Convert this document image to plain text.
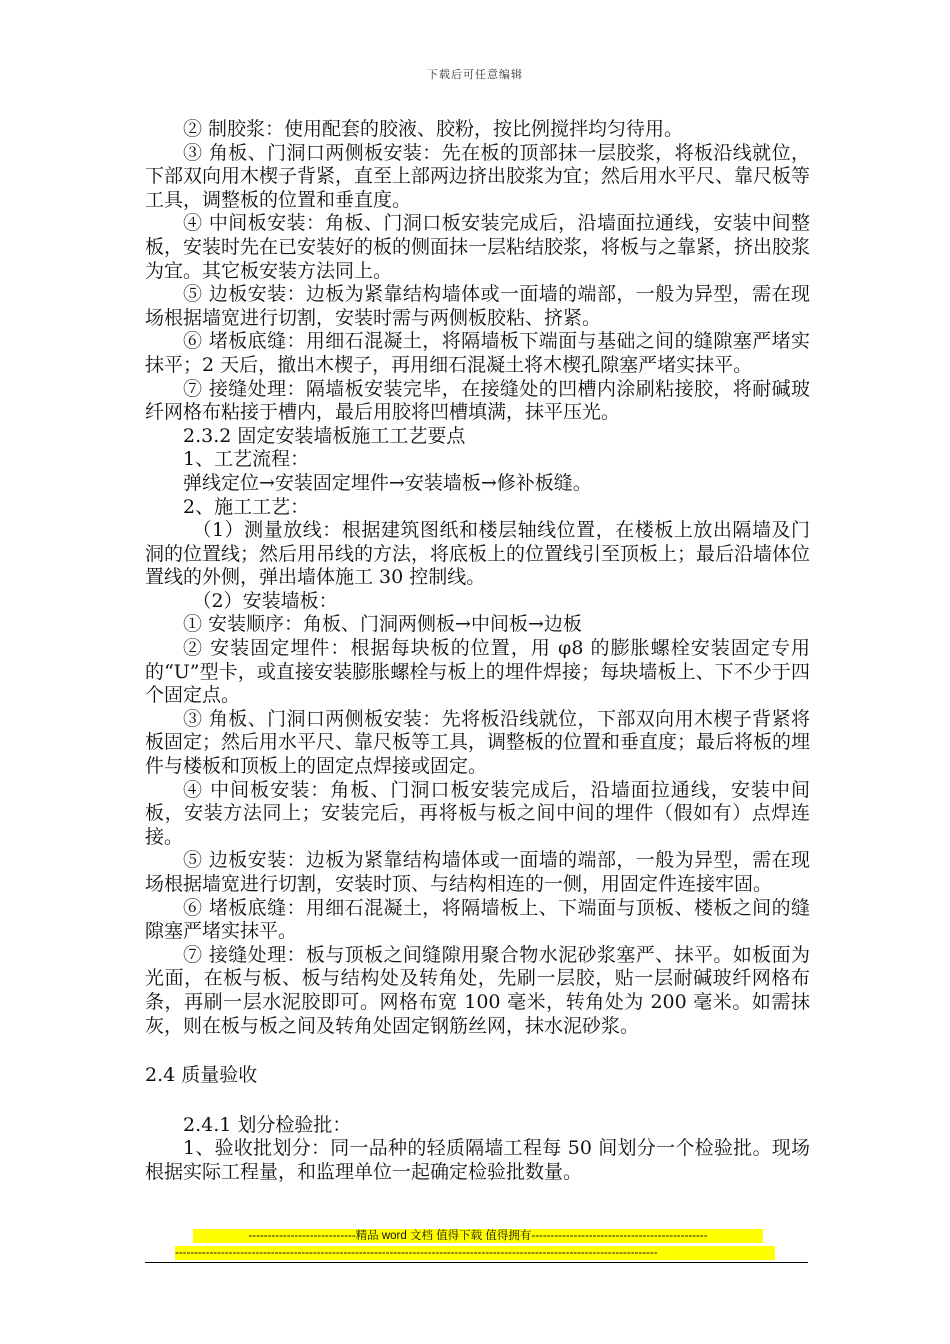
下载后可任意编辑

② 制胶浆：使用配套的胶液、胶粉，按比例搅拌均匀待用。

③ 角板、门洞口两侧板安装：先在板的顶部抹一层胶浆，将板沿线就位，下部双向用木楔子背紧，直至上部两边挤出胶浆为宜；然后用水平尺、靠尺板等工具，调整板的位置和垂直度。

④ 中间板安装：角板、门洞口板安装完成后，沿墙面拉通线，安装中间整板，安装时先在已安装好的板的侧面抹一层粘结胶浆，将板与之靠紧，挤出胶浆为宜。其它板安装方法同上。

⑤ 边板安装：边板为紧靠结构墙体或一面墙的端部，一般为异型，需在现场根据墙宽进行切割，安装时需与两侧板胶粘、挤紧。

⑥ 堵板底缝：用细石混凝土，将隔墙板下端面与基础之间的缝隙塞严堵实抹平；2 天后，撤出木楔子，再用细石混凝土将木楔孔隙塞严堵实抹平。

⑦ 接缝处理：隔墙板安装完毕，在接缝处的凹槽内涂刷粘接胶，将耐碱玻纤网格布粘接于槽内，最后用胶将凹槽填满，抹平压光。

2.3.2 固定安装墙板施工工艺要点

1、工艺流程：

弹线定位→安装固定埋件→安装墙板→修补板缝。

2、施工工艺：

（1）测量放线：根据建筑图纸和楼层轴线位置，在楼板上放出隔墙及门洞的位置线；然后用吊线的方法，将底板上的位置线引至顶板上；最后沿墙体位置线的外侧，弹出墙体施工 30 控制线。

（2）安装墙板：

① 安装顺序：角板、门洞两侧板→中间板→边板

② 安装固定埋件：根据每块板的位置，用 φ8 的膨胀螺栓安装固定专用的“U”型卡，或直接安装膨胀螺栓与板上的埋件焊接；每块墙板上、下不少于四个固定点。

③ 角板、门洞口两侧板安装：先将板沿线就位，下部双向用木楔子背紧将板固定；然后用水平尺、靠尺板等工具，调整板的位置和垂直度；最后将板的埋件与楼板和顶板上的固定点焊接或固定。

④ 中间板安装：角板、门洞口板安装完成后，沿墙面拉通线，安装中间板，安装方法同上；安装完后，再将板与板之间中间的埋件（假如有）点焊连接。

⑤ 边板安装：边板为紧靠结构墙体或一面墙的端部，一般为异型，需在现场根据墙宽进行切割，安装时顶、与结构相连的一侧，用固定件连接牢固。

⑥ 堵板底缝：用细石混凝土，将隔墙板上、下端面与顶板、楼板之间的缝隙塞严堵实抹平。

⑦ 接缝处理：板与顶板之间缝隙用聚合物水泥砂浆塞严、抹平。如板面为光面，在板与板、板与结构处及转角处，先刷一层胶，贴一层耐碱玻纤网格布条，再刷一层水泥胶即可。网格布宽 100 毫米，转角处为 200 毫米。如需抹灰，则在板与板之间及转角处固定钢筋丝网，抹水泥砂浆。

2.4 质量验收

2.4.1 划分检验批：

1、验收批划分：同一品种的轻质隔墙工程每 50 间划分一个检验批。现场根据实际工程量，和监理单位一起确定检验批数量。

----------------------------精品 word 文档 值得下载 值得拥有----------------------------------------------
------------------------------------------------------------------------------------------------------------------------------
